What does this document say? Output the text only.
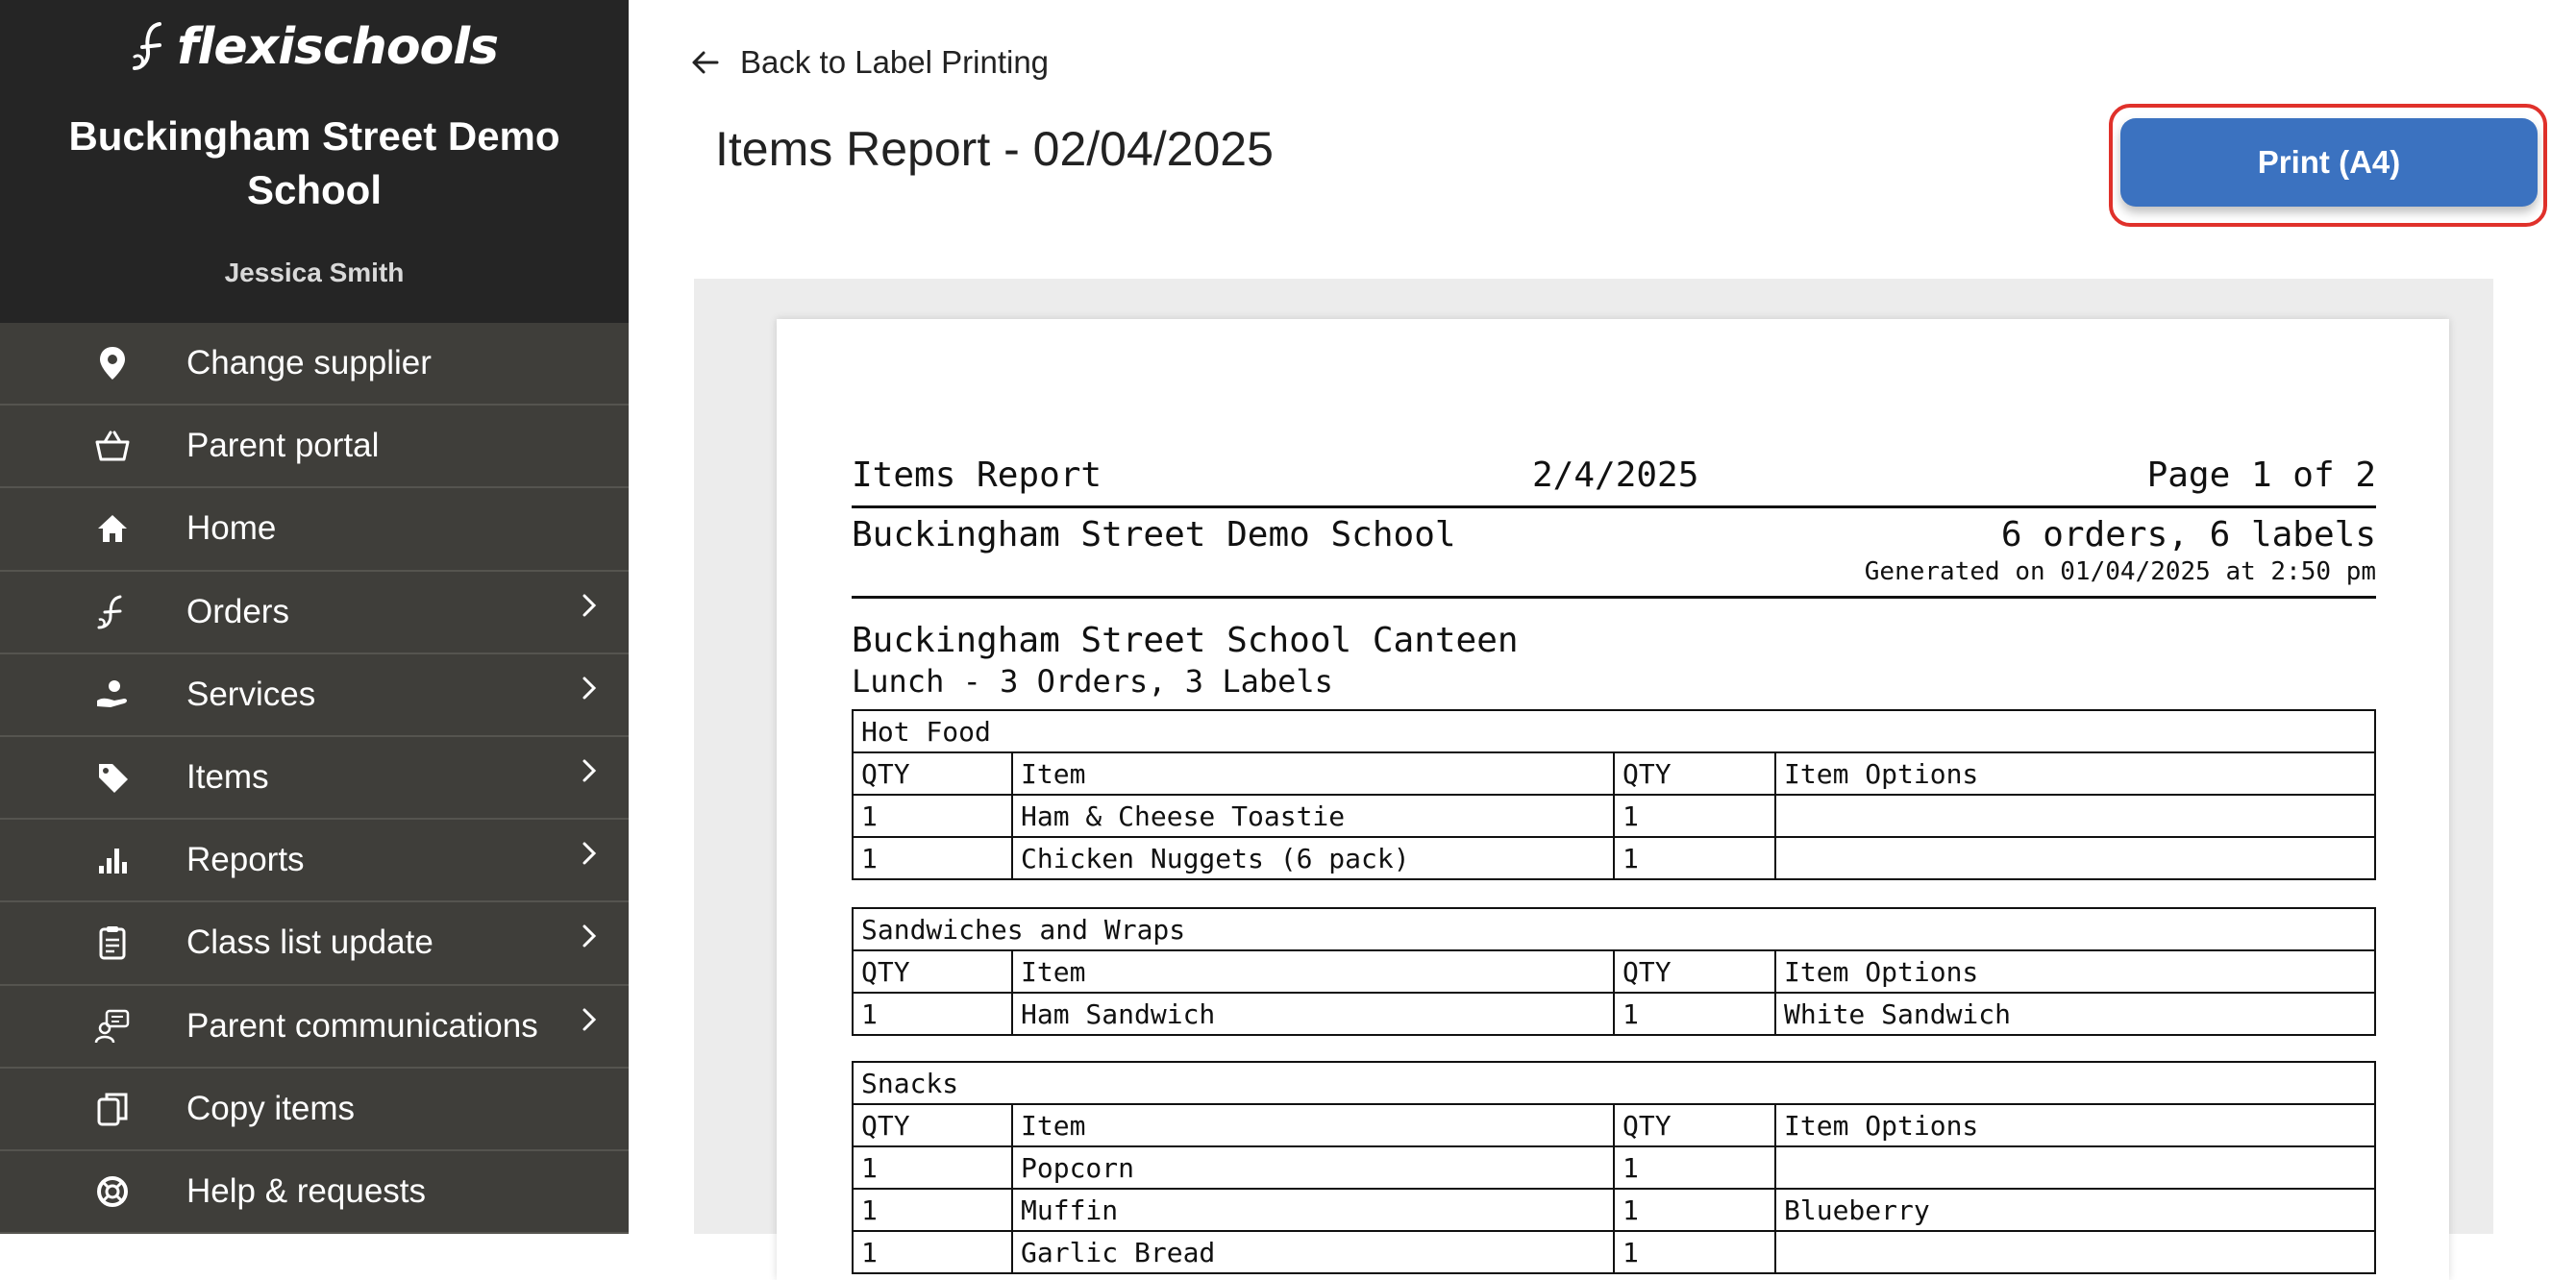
flexischools
Buckingham Street Demo School
Jessica Smith
Change supplier
Parent portal
Home
Orders
Services
Items
Reports
Class list update
Parent communications
Copy items
Help & requests
Back to Label Printing
Items Report - 02/04/2025	Print (A4)
Items Report	2/4/2025	Page 1 of 2
Buckingham Street Demo School	6 orders, 6 labels
Generated on 01/04/2025 at 2:50 pm
Buckingham Street School Canteen
Lunch - 3 Orders, 3 Labels
Hot Food			
QTY	Item	QTY	Item Options
1	Ham & Cheese Toastie	1	
1	Chicken Nuggets (6 pack)	1	
Sandwiches and Wraps			
QTY	Item	QTY	Item Options
1	Ham Sandwich	1	White Sandwich
Snacks			
QTY	Item	QTY	Item Options
1	Popcorn	1	
1	Muffin	1	Blueberry
1	Garlic Bread	1	
